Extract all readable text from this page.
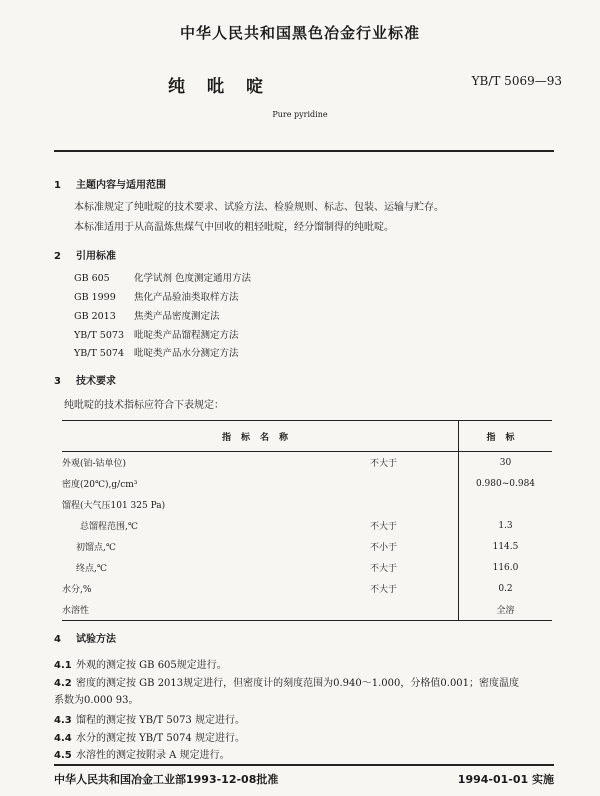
中华人民共和国黑色冶金行业标准
纯吡啶	YB/T 5069—93
Pure pyridine
1 主题内容与适用范围
本标准规定了纯吡啶的技术要求、试验方法、检验规则、标志、包装、运输与贮存。
本标准适用于从高温炼焦煤气中回收的粗轻吡啶，经分馏制得的纯吡啶。
2 引用标准
GB 605	化学试剂 色度测定通用方法
GB 1999 焦化产品验油类取样方法
GB 2013 焦类产品密度测定法
YB/T 5073 吡啶类产品馏程测定方法
YB/T 5074 吡啶类产品水分测定方法
3 技术要求
纯吡啶的技术指标应符合下表规定：
指标名称		指标
外观(铂-钴单位)	不大于	30
密度(20℃),g/cm³		0.980~0.984
馏程(大气压101 325 Pa)		
总馏程范围,℃	不大于	1.3
初馏点,℃	不小于	114.5
终点,℃	不大于	116.0
水分,%	不大于	0.2
水溶性		全溶
4 试验方法
4.1 外观的测定按 GB 605规定进行。
4.2 密度的测定按 GB 2013规定进行，但密度计的刻度范围为0.940～1.000，分格值0.001；密度温度
系数为0.000 93。
4.3 馏程的测定按 YB/T 5073 规定进行。
4.4 水分的测定按 YB/T 5074 规定进行。
4.5 水溶性的测定按附录 A 规定进行。
中华人民共和国冶金工业部1993-12-08批准	1994-01-01 实施
